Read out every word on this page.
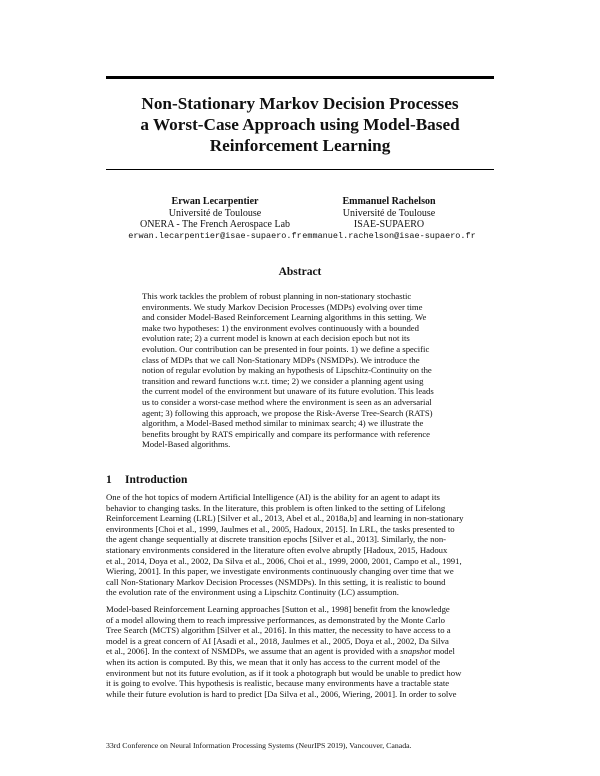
Non-Stationary Markov Decision Processes
a Worst-Case Approach using Model-Based
Reinforcement Learning
Erwan Lecarpentier
Université de Toulouse
ONERA - The French Aerospace Lab
erwan.lecarpentier@isae-supaero.fr
Emmanuel Rachelson
Université de Toulouse
ISAE-SUPAERO
emmanuel.rachelson@isae-supaero.fr
Abstract
This work tackles the problem of robust planning in non-stationary stochastic
environments. We study Markov Decision Processes (MDPs) evolving over time
and consider Model-Based Reinforcement Learning algorithms in this setting. We
make two hypotheses: 1) the environment evolves continuously with a bounded
evolution rate; 2) a current model is known at each decision epoch but not its
evolution. Our contribution can be presented in four points. 1) we define a specific
class of MDPs that we call Non-Stationary MDPs (NSMDPs). We introduce the
notion of regular evolution by making an hypothesis of Lipschitz-Continuity on the
transition and reward functions w.r.t. time; 2) we consider a planning agent using
the current model of the environment but unaware of its future evolution. This leads
us to consider a worst-case method where the environment is seen as an adversarial
agent; 3) following this approach, we propose the Risk-Averse Tree-Search (RATS)
algorithm, a Model-Based method similar to minimax search; 4) we illustrate the
benefits brought by RATS empirically and compare its performance with reference
Model-Based algorithms.
1 Introduction
One of the hot topics of modern Artificial Intelligence (AI) is the ability for an agent to adapt its
behavior to changing tasks. In the literature, this problem is often linked to the setting of Lifelong
Reinforcement Learning (LRL) [Silver et al., 2013, Abel et al., 2018a,b] and learning in non-stationary
environments [Choi et al., 1999, Jaulmes et al., 2005, Hadoux, 2015]. In LRL, the tasks presented to
the agent change sequentially at discrete transition epochs [Silver et al., 2013]. Similarly, the non-
stationary environments considered in the literature often evolve abruptly [Hadoux, 2015, Hadoux
et al., 2014, Doya et al., 2002, Da Silva et al., 2006, Choi et al., 1999, 2000, 2001, Campo et al., 1991,
Wiering, 2001]. In this paper, we investigate environments continuously changing over time that we
call Non-Stationary Markov Decision Processes (NSMDPs). In this setting, it is realistic to bound
the evolution rate of the environment using a Lipschitz Continuity (LC) assumption.
Model-based Reinforcement Learning approaches [Sutton et al., 1998] benefit from the knowledge
of a model allowing them to reach impressive performances, as demonstrated by the Monte Carlo
Tree Search (MCTS) algorithm [Silver et al., 2016]. In this matter, the necessity to have access to a
model is a great concern of AI [Asadi et al., 2018, Jaulmes et al., 2005, Doya et al., 2002, Da Silva
et al., 2006]. In the context of NSMDPs, we assume that an agent is provided with a snapshot model
when its action is computed. By this, we mean that it only has access to the current model of the
environment but not its future evolution, as if it took a photograph but would be unable to predict how
it is going to evolve. This hypothesis is realistic, because many environments have a tractable state
while their future evolution is hard to predict [Da Silva et al., 2006, Wiering, 2001]. In order to solve
33rd Conference on Neural Information Processing Systems (NeurIPS 2019), Vancouver, Canada.
